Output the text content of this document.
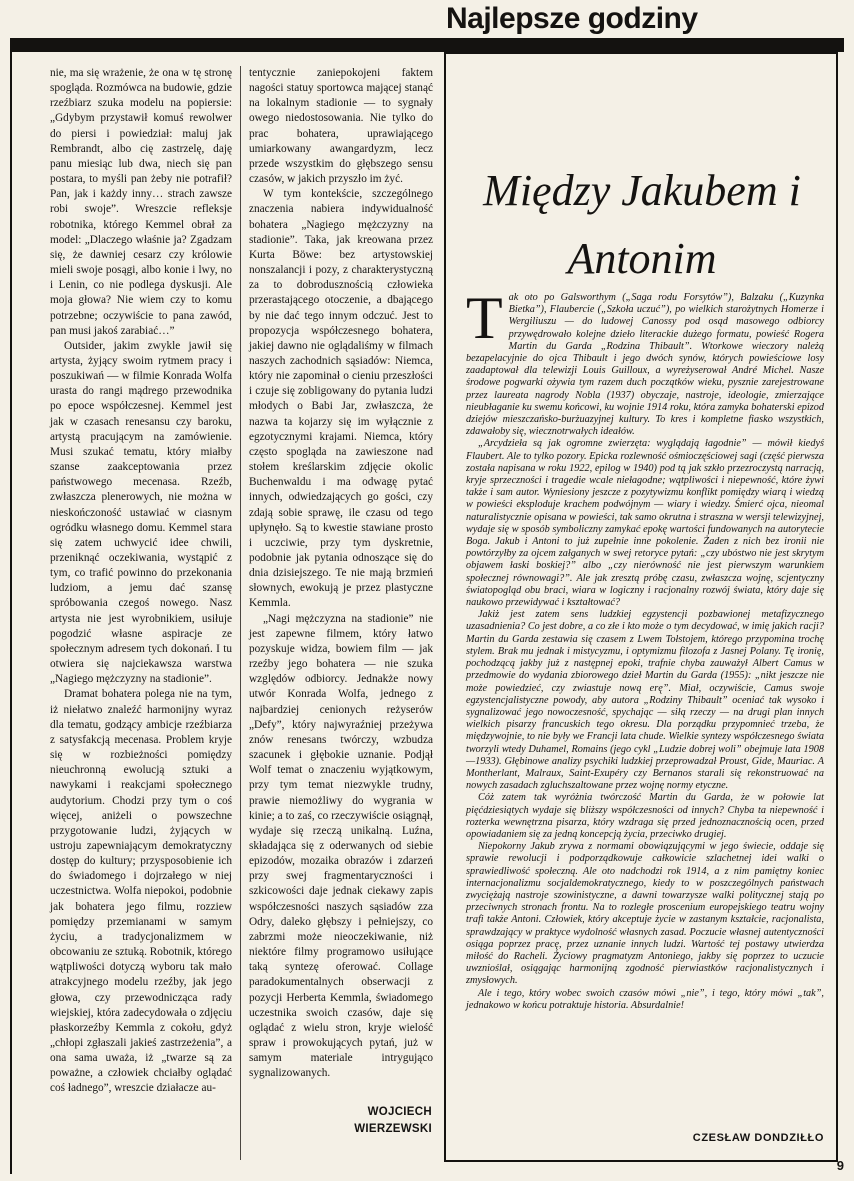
Najlepsze godziny

nie, ma się wrażenie, że ona w tę stronę spogląda. Rozmówca na budowie, gdzie rzeźbiarz szuka modelu na popiersie: „Gdybym przystawił komuś rewolwer do piersi i powiedział: maluj jak Rembrandt, albo cię zastrzelę, daję panu miesiąc lub dwa, niech się pan postara, to myśli pan żeby nie potrafił? Pan, jak i każdy inny… strach zawsze robi swoje”. Wreszcie refleksje robotnika, którego Kemmel obrał za model: „Dlaczego właśnie ja? Zgadzam się, że dawniej cesarz czy królowie mieli swoje posągi, albo konie i lwy, no i Lenin, co nie podlega dyskusji. Ale moja głowa? Nie wiem czy to komu potrzebne; oczywiście to pana zawód, pan musi jakoś zarabiać…”

Outsider, jakim zwykle jawił się artysta, żyjący swoim rytmem pracy i poszukiwań — w filmie Konrada Wolfa urasta do rangi mądrego przewodnika po epoce współczesnej. Kemmel jest jak w czasach renesansu czy baroku, artystą pracującym na zamówienie. Musi szukać tematu, który miałby szanse zaakceptowania przez państwowego mecenasa. Rzeźb, zwłaszcza plenerowych, nie można w nieskończoność ustawiać w ciasnym ogródku własnego domu. Kemmel stara się zatem uchwycić idee chwili, przeniknąć oczekiwania, wystąpić z tym, co trafić powinno do przekonania ludziom, a jemu dać szansę spróbowania czegoś nowego. Nasz artysta nie jest wyrobnikiem, usiłuje pogodzić własne aspiracje ze społecznym adresem tych dokonań. I tu otwiera się najciekawsza warstwa „Nagiego mężczyzny na stadionie”.

Dramat bohatera polega nie na tym, iż niełatwo znaleźć harmonijny wyraz dla tematu, godzący ambicje rzeźbiarza z satysfakcją mecenasa. Problem kryje się w rozbieżności pomiędzy nieuchronną ewolucją sztuki a nawykami i reakcjami społecznego audytorium. Chodzi przy tym o coś więcej, aniżeli o powszechne przygotowanie ludzi, żyjących w ustroju zapewniającym demokratyczny dostęp do kultury; przysposobienie ich do świadomego i dojrzałego w niej uczestnictwa. Wolfa niepokoi, podobnie jak bohatera jego filmu, rozziew pomiędzy przemianami w samym życiu, a tradycjonalizmem w obcowaniu ze sztuką. Robotnik, którego wątpliwości dotyczą wyboru tak mało atrakcyjnego modelu rzeźby, jak jego głowa, czy przewodnicząca rady wiejskiej, która zadecydowała o zdjęciu płaskorzeźby Kemmla z cokołu, gdyż „chłopi zgłaszali jakieś zastrzeżenia”, a ona sama uważa, iż „twarze są za poważne, a człowiek chciałby oglądać coś ładnego”, wreszcie działacze au-

tentycznie zaniepokojeni faktem nagości statuy sportowca mającej stanąć na lokalnym stadionie — to sygnały owego niedostosowania. Nie tylko do prac bohatera, uprawiającego umiarkowany awangardyzm, lecz przede wszystkim do głębszego sensu czasów, w jakich przyszło im żyć.

W tym kontekście, szczególnego znaczenia nabiera indywidualność bohatera „Nagiego mężczyzny na stadionie”. Taka, jak kreowana przez Kurta Böwe: bez artystowskiej nonszalancji i pozy, z charakterystyczną za to dobrodusznością człowieka przerastającego otoczenie, a dbającego by nie dać tego innym odczuć. Jest to propozycja współczesnego bohatera, jakiej dawno nie oglądaliśmy w filmach naszych zachodnich sąsiadów: Niemca, który nie zapominał o cieniu przeszłości i czuje się zobligowany do pytania ludzi młodych o Babi Jar, zwłaszcza, że nazwa ta kojarzy się im wyłącznie z egzotycznymi krajami. Niemca, który często spogląda na zawieszone nad stołem kreślarskim zdjęcie okolic Buchenwaldu i ma odwagę pytać innych, odwiedzających go gości, czy zdają sobie sprawę, ile czasu od tego upłynęło. Są to kwestie stawiane prosto i uczciwie, przy tym dyskretnie, podobnie jak pytania odnoszące się do dnia dzisiejszego. Te nie mają brzmień słownych, ewokują je przez plastyczne Kemmla.

„Nagi mężczyzna na stadionie” nie jest zapewne filmem, który łatwo pozyskuje widza, bowiem film — jak rzeźby jego bohatera — nie szuka względów odbiorcy. Jednakże nowy utwór Konrada Wolfa, jednego z najbardziej cenionych reżyserów „Defy”, który najwyraźniej przeżywa znów renesans twórczy, wzbudza szacunek i głębokie uznanie. Podjął Wolf temat o znaczeniu wyjątkowym, przy tym temat niezwykle trudny, prawie niemożliwy do wygrania w kinie; a to zaś, co rzeczywiście osiągnął, wydaje się rzeczą unikalną. Luźna, składająca się z oderwanych od siebie epizodów, mozaika obrazów i zdarzeń przy swej fragmentaryczności i szkicowości daje jednak ciekawy zapis współczesności naszych sąsiadów zza Odry, daleko głębszy i pełniejszy, co zabrzmi może nieoczekiwanie, niż niektóre filmy programowo usiłujące taką syntezę oferować. Collage paradokumentalnych obserwacji z pozycji Herberta Kemmla, świadomego uczestnika swoich czasów, daje się oglądać z wielu stron, kryje wielość spraw i prowokujących pytań, już w samym materiale intrygująco sygnalizowanych.

WOJCIECH WIERZEWSKI
Między Jakubem i Antonim

Tak oto po Galsworthym („Saga rodu Forsytów”), Balzaku („Kuzynka Bietka”), Flaubercie („Szkoła uczuć”), po wielkich starożytnych Homerze i Wergiliuszu — do ludowej Canossy pod osąd masowego odbiorcy przywędrowało kolejne dzieło literackie dużego formatu, powieść Rogera Martin du Garda „Rodzina Thibault”. Wtorkowe wieczory należą bezapelacyjnie do ojca Thibault i jego dwóch synów, których powieściowe losy zaadaptował dla telewizji Louis Guilloux, a wyreżyserował André Michel. Nasze środowe pogwarki ożywia tym razem duch początków wieku, pysznie zarejestrowane przez laureata nagrody Nobla (1937) obyczaje, nastroje, ideologie, zmierzające nieubłaganie ku swemu końcowi, ku wojnie 1914 roku, która zamyka bohaterski epizod dziejów mieszczańsko-burżuazyjnej kultury. To kres i kompletne fiasko wszystkich, zdawałoby się, wiecznotrwałych ideałów.

„Arcydzieła są jak ogromne zwierzęta: wyglądają łagodnie” — mówił kiedyś Flaubert. Ale to tylko pozory. Epicka rozlewność ośmioczęściowej sagi (część pierwsza została napisana w roku 1922, epilog w 1940) pod tą jak szkło przezroczystą narracją, kryje sprzeczności i tragedie wcale niełagodne; wątpliwości i niepewność, które żywi także i sam autor. Wyniesiony jeszcze z pozytywizmu konflikt pomiędzy wiarą i wiedzą w powieści eksploduje krachem podwójnym — wiary i wiedzy. Śmierć ojca, nieomal naturalistycznie opisana w powieści, tak samo okrutna i straszna w wersji telewizyjnej, wydaje się w sposób symboliczny zamykać epokę wartości fundowanych na autorytecie Boga. Jakub i Antoni to już zupełnie inne pokolenie. Żaden z nich bez ironii nie powtórzyłby za ojcem załganych w swej retoryce pytań: „czy ubóstwo nie jest skrytym objawem łaski boskiej?” albo „czy nierówność nie jest pierwszym warunkiem społecznej równowagi?”. Ale jak zresztą próbę czasu, zwłaszcza wojnę, scjentyczny światopogląd obu braci, wiara w logiczny i racjonalny rozwój świata, który daje się naukowo przewidywać i kształtować?

Jakiż jest zatem sens ludzkiej egzystencji pozbawionej metafizycznego uzasadnienia? Co jest dobre, a co złe i kto może o tym decydować, w imię jakich racji? Martin du Garda zestawia się czasem z Lwem Tołstojem, którego przypomina trochę stylem. Brak mu jednak i mistycyzmu, i optymizmu filozofa z Jasnej Polany. Tę ironię, pochodzącą jakby już z następnej epoki, trafnie chyba zauważył Albert Camus w przedmowie do wydania zbiorowego dzieł Martin du Garda (1955): „nikt jeszcze nie może powiedzieć, czy zwiastuje nową erę”. Miał, oczywiście, Camus swoje egzystencjalistyczne powody, aby autora „Rodziny Thibault” oceniać tak wysoko i sygnalizować jego nowoczesność, spychając — siłą rzeczy — na drugi plan innych wielkich pisarzy francuskich tego okresu. Dla porządku przypomnieć trzeba, że międzywojnie, to nie były we Francji lata chude. Wielkie syntezy współczesnego świata tworzyli wtedy Duhamel, Romains (jego cykl „Ludzie dobrej woli” obejmuje lata 1908—1933). Głębinowe analizy psychiki ludzkiej przeprowadzał Proust, Gide, Mauriac. A Montherlant, Malraux, Saint-Exupéry czy Bernanos starali się rekonstruować na nowych zasadach zgluchszaltowane przez wojnę normy etyczne.

Cóż zatem tak wyróżnia twórczość Martin du Garda, że w połowie lat pięćdziesiątych wydaje się bliższy współczesności od innych? Chyba ta niepewność i rozterka wewnętrzna pisarza, który wzdraga się przed jednoznacznością ocen, przed opowiadaniem się za jedną koncepcją życia, przeciwko drugiej.

Niepokorny Jakub zrywa z normami obowiązującymi w jego świecie, oddaje się sprawie rewolucji i podporządkowuje całkowicie szlachetnej idei walki o sprawiedliwość społeczną. Ale oto nadchodzi rok 1914, a z nim pamiętny koniec internacjonalizmu socjaldemokratycznego, kiedy to w poszczególnych państwach zwyciężają nastroje szowinistyczne, a dawni towarzysze walki politycznej stają po przeciwnych stronach frontu. Na to rozległe proscenium europejskiego teatru wojny trafi także Antoni. Człowiek, który akceptuje życie w zastanym kształcie, racjonalista, sprawdzający w praktyce wydolność własnych zasad. Poczucie własnej autentyczności osiąga poprzez pracę, przez uznanie innych ludzi. Wartość tej postawy utwierdza miłość do Racheli. Życiowy pragmatyzm Antoniego, jakby się poprzez to uczucie uwznioślał, osiągając harmonijną zgodność pierwiastków racjonalistycznych i zmysłowych.

Ale i tego, który wobec swoich czasów mówi „nie”, i tego, który mówi „tak”, jednakowo w końcu potraktuje historia. Absurdalnie!

CZESŁAW DONDZIŁŁO
9
